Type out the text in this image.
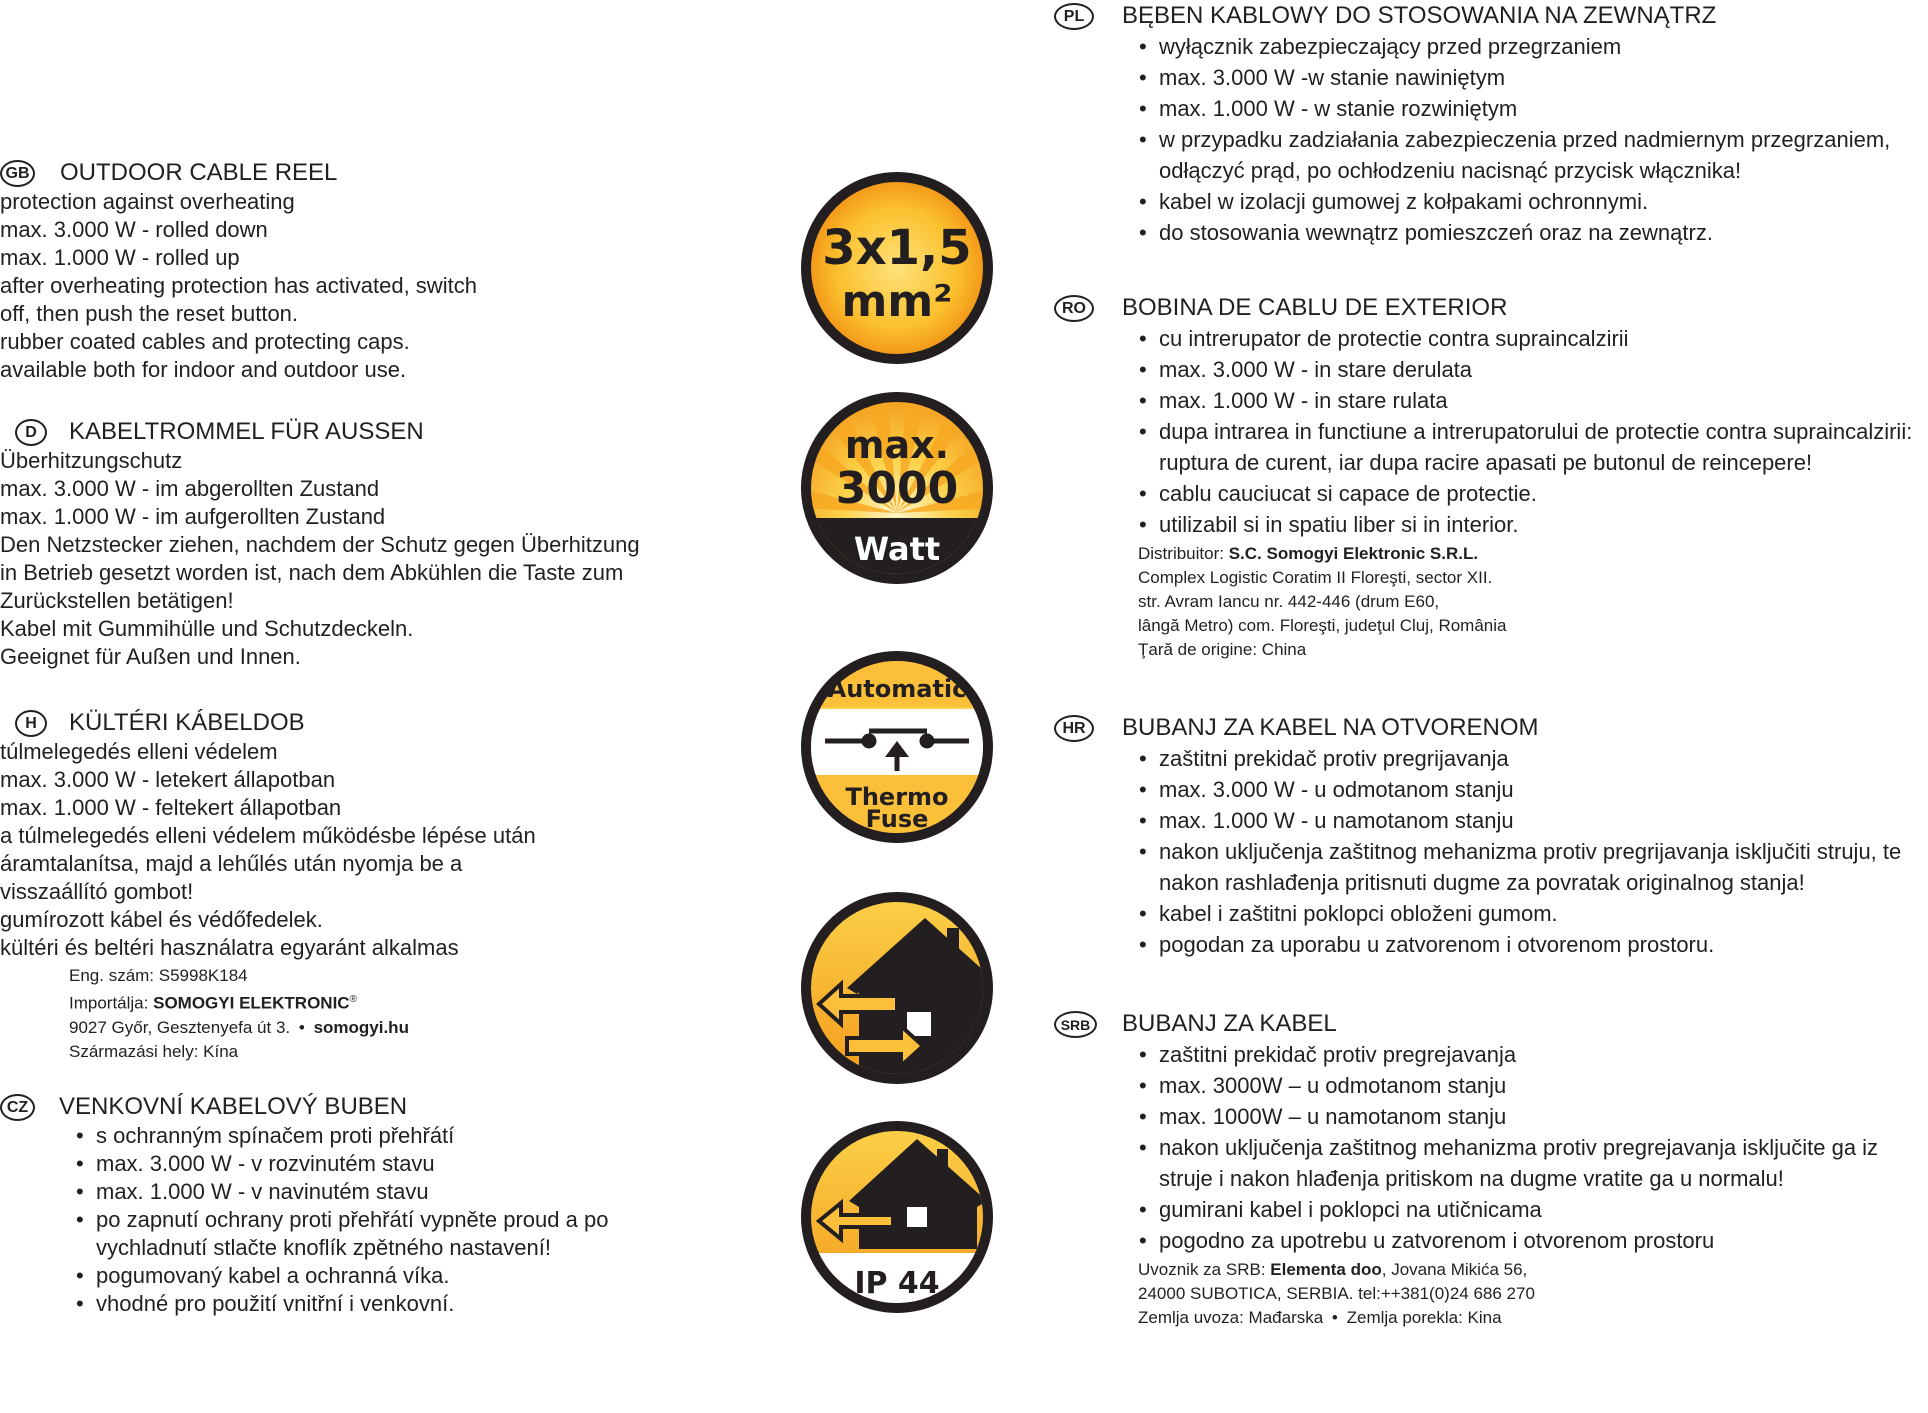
GB OUTDOOR CABLE REEL
• protection against overheating
• max. 3.000 W - rolled down
• max. 1.000 W - rolled up
• after overheating protection has activated, switch off, then push the reset button.
• rubber coated cables and protecting caps.
• available both for indoor and outdoor use.
D	KABELTROMMEL FÜR AUSSEN
• Überhitzungschutz
• max. 3.000 W - im abgerollten Zustand
• max. 1.000 W - im aufgerollten Zustand
• Den Netzstecker ziehen, nachdem der Schutz gegen Überhitzung in Betrieb gesetzt worden ist, nach dem Abkühlen die Taste zum Zurückstellen betätigen!
• Kabel mit Gummihülle und Schutzdeckeln.
• Geeignet für Außen und Innen.
H	KÜLTÉRI KÁBELDOB
• túlmelegedés elleni védelem
• max. 3.000 W - letekert állapotban
• max. 1.000 W - feltekert állapotban
• a túlmelegedés elleni védelem működésbe lépése után áramtalanítsa, majd a lehűlés után nyomja be a visszaállító gombot!
• gumírozott kábel és védőfedelek.
• kültéri és beltéri használatra egyaránt alkalmas
Eng. szám: S5998K184
Importálja: SOMOGYI ELEKTRONIC®
9027 Győr, Gesztenyefa út 3. • somogyi.hu
Származási hely: Kína
CZ VENKOVNÍ KABELOVÝ BUBEN
• s ochranným spínačem proti přehřátí
• max. 3.000 W - v rozvinutém stavu
• max. 1.000 W - v navinutém stavu
• po zapnutí ochrany proti přehřátí vypněte proud a po vychladnutí stlačte knoflík zpětného nastavení!
• pogumovaný kabel a ochranná víka.
• vhodné pro použití vnitřní i venkovní.
PL	BĘBEN KABLOWY DO STOSOWANIA NA ZEWNĄTRZ
• wyłącznik zabezpieczający przed przegrzaniem
• max. 3.000 W -w stanie nawiniętym
• max. 1.000 W - w stanie rozwiniętym
• w przypadku zadziałania zabezpieczenia przed nadmiernym przegrzaniem, odłączyć prąd, po ochłodzeniu nacisnąć przycisk włącznika!
• kabel w izolacji gumowej z kołpakami ochronnymi.
• do stosowania wewnątrz pomieszczeń oraz na zewnątrz.
RO	BOBINA DE CABLU DE EXTERIOR
• cu intrerupator de protectie contra supraincalzirii
• max. 3.000 W - in stare derulata
• max. 1.000 W - in stare rulata
• dupa intrarea in functiune a intrerupatorului de protectie contra supraincalzirii: ruptura de curent, iar dupa racire apasati pe butonul de reincepere!
• cablu cauciucat si capace de protectie.
• utilizabil si in spatiu liber si in interior.
Distribuitor: S.C. Somogyi Elektronic S.R.L.
Complex Logistic Coratim II Floreşti, sector XII.
str. Avram Iancu nr. 442-446 (drum E60,
lângă Metro) com. Floreşti, judeţul Cluj, România
Ţară de origine: China
HR	BUBANJ ZA KABEL NA OTVORENOM
• zaštitni prekidač protiv pregrijavanja
• max. 3.000 W - u odmotanom stanju
• max. 1.000 W - u namotanom stanju
• nakon uključenja zaštitnog mehanizma protiv pregrijavanja isključiti struju, te nakon rashlađenja pritisnuti dugme za povratak originalnog stanja!
• kabel i zaštitni poklopci obloženi gumom.
• pogodan za uporabu u zatvorenom i otvorenom prostoru.
SRB BUBANJ ZA KABEL
• zaštitni prekidač protiv pregrejavanja
• max. 3000W – u odmotanom stanju
• max. 1000W – u namotanom stanju
• nakon uključenja zaštitnog mehanizma protiv pregrejavanja isključite ga iz struje i nakon hlađenja pritiskom na dugme vratite ga u normalu!
• gumirani kabel i poklopci na utičnicama
• pogodno za upotrebu u zatvorenom i otvorenom prostoru
Uvoznik za SRB: Elementa doo, Jovana Mikića 56,
24000 SUBOTICA, SERBIA. tel:++381(0)24 686 270
Zemlja uvoza: Mađarska • Zemlja porekla: Kina
3x1,5
mm²
max.
3000
Watt
Automatic
Thermo
Fuse
IP 44
